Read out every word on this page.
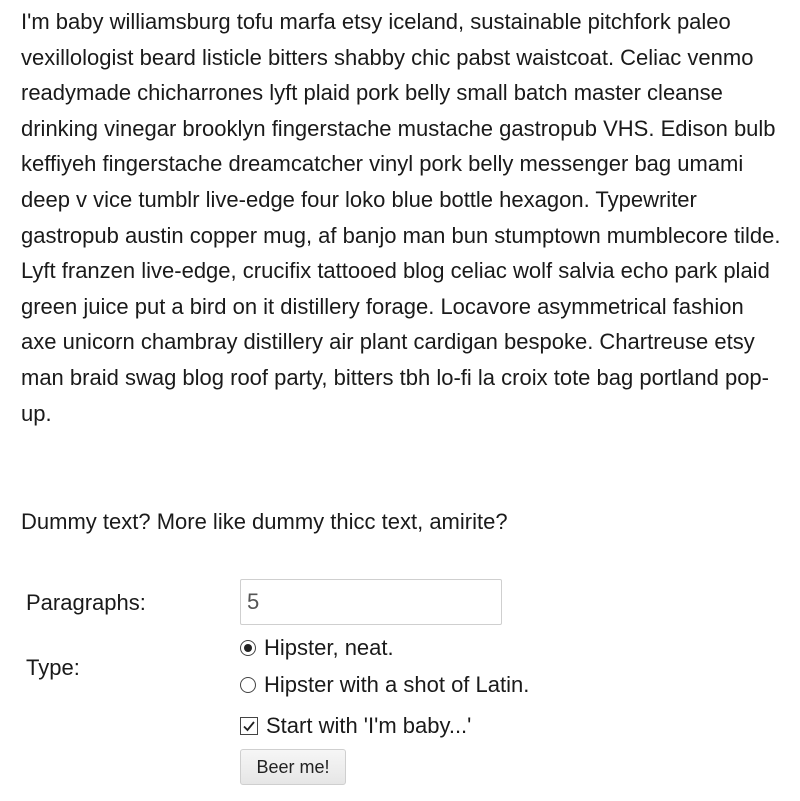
I'm baby williamsburg tofu marfa etsy iceland, sustainable pitchfork paleo vexillologist beard listicle bitters shabby chic pabst waistcoat. Celiac venmo readymade chicharrones lyft plaid pork belly small batch master cleanse drinking vinegar brooklyn fingerstache mustache gastropub VHS. Edison bulb keffiyeh fingerstache dreamcatcher vinyl pork belly messenger bag umami deep v vice tumblr live-edge four loko blue bottle hexagon. Typewriter gastropub austin copper mug, af banjo man bun stumptown mumblecore tilde. Lyft franzen live-edge, crucifix tattooed blog celiac wolf salvia echo park plaid green juice put a bird on it distillery forage. Locavore asymmetrical fashion axe unicorn chambray distillery air plant cardigan bespoke. Chartreuse etsy man braid swag blog roof party, bitters tbh lo-fi la croix tote bag portland pop-up.

Dummy text? More like dummy thicc text, amirite?

Paragraphs:
5
Type:
Hipster, neat.
Hipster with a shot of Latin.
Start with 'I'm baby...'
Beer me!
